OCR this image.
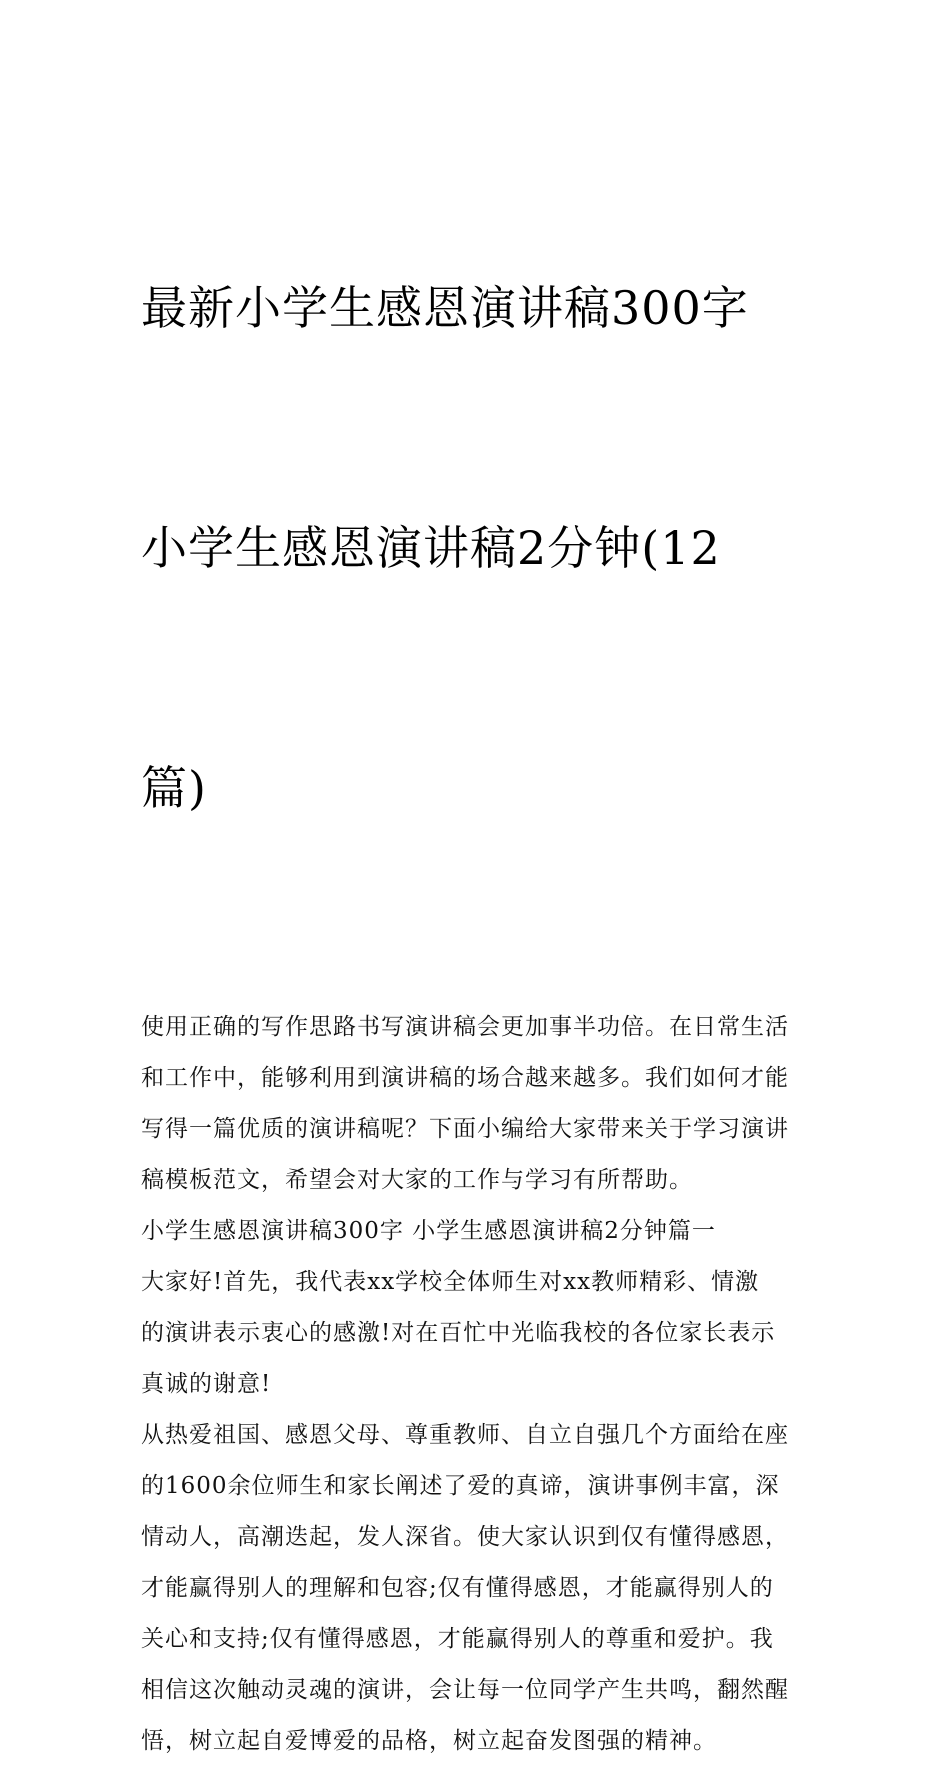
最新小学生感恩演讲稿300字

小学生感恩演讲稿2分钟(12

篇)

使用正确的写作思路书写演讲稿会更加事半功倍。在日常生活
和工作中，能够利用到演讲稿的场合越来越多。我们如何才能
写得一篇优质的演讲稿呢？下面小编给大家带来关于学习演讲
稿模板范文，希望会对大家的工作与学习有所帮助。

小学生感恩演讲稿300字 小学生感恩演讲稿2分钟篇一

大家好!首先，我代表xx学校全体师生对xx教师精彩、情激
的演讲表示衷心的感激!对在百忙中光临我校的各位家长表示
真诚的谢意!

从热爱祖国、感恩父母、尊重教师、自立自强几个方面给在座
的1600余位师生和家长阐述了爱的真谛，演讲事例丰富，深
情动人，高潮迭起，发人深省。使大家认识到仅有懂得感恩，
才能赢得别人的理解和包容;仅有懂得感恩，才能赢得别人的
关心和支持;仅有懂得感恩，才能赢得别人的尊重和爱护。我
相信这次触动灵魂的演讲，会让每一位同学产生共鸣，翻然醒
悟，树立起自爱博爱的品格，树立起奋发图强的精神。
